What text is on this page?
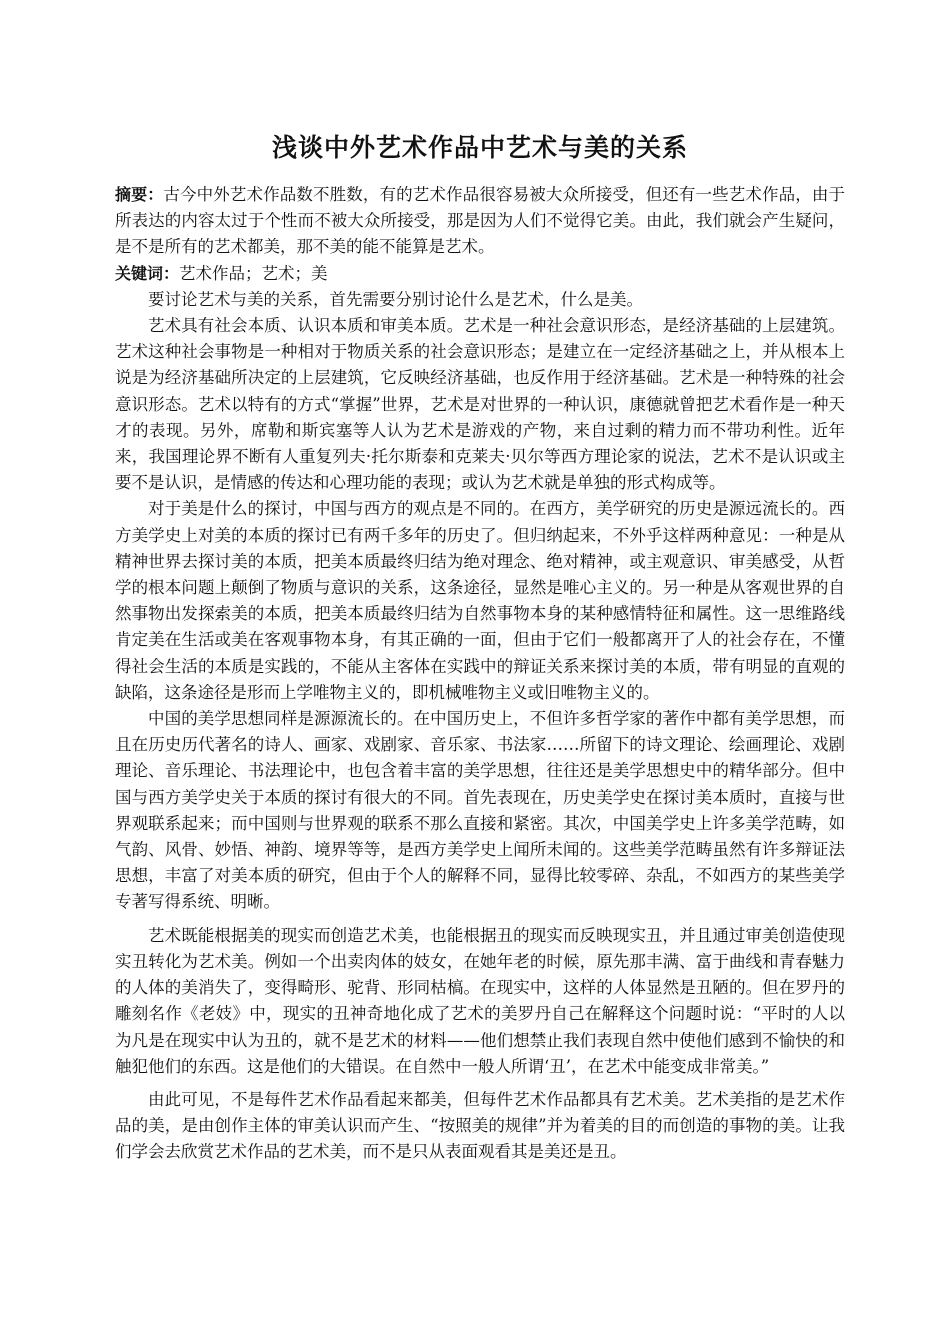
浅谈中外艺术作品中艺术与美的关系

摘要：古今中外艺术作品数不胜数，有的艺术作品很容易被大众所接受，但还有一些艺术作品，由于所表达的内容太过于个性而不被大众所接受，那是因为人们不觉得它美。由此，我们就会产生疑问，是不是所有的艺术都美，那不美的能不能算是艺术。

关键词：艺术作品；艺术；美

要讨论艺术与美的关系，首先需要分别讨论什么是艺术，什么是美。

艺术具有社会本质、认识本质和审美本质。艺术是一种社会意识形态，是经济基础的上层建筑。艺术这种社会事物是一种相对于物质关系的社会意识形态；是建立在一定经济基础之上，并从根本上说是为经济基础所决定的上层建筑，它反映经济基础，也反作用于经济基础。艺术是一种特殊的社会意识形态。艺术以特有的方式“掌握”世界，艺术是对世界的一种认识，康德就曾把艺术看作是一种天才的表现。另外，席勒和斯宾塞等人认为艺术是游戏的产物，来自过剩的精力而不带功利性。近年来，我国理论界不断有人重复列夫·托尔斯泰和克莱夫·贝尔等西方理论家的说法，艺术不是认识或主要不是认识，是情感的传达和心理功能的表现；或认为艺术就是单独的形式构成等。

对于美是什么的探讨，中国与西方的观点是不同的。在西方，美学研究的历史是源远流长的。西方美学史上对美的本质的探讨已有两千多年的历史了。但归纳起来，不外乎这样两种意见：一种是从精神世界去探讨美的本质，把美本质最终归结为绝对理念、绝对精神，或主观意识、审美感受，从哲学的根本问题上颠倒了物质与意识的关系，这条途径，显然是唯心主义的。另一种是从客观世界的自然事物出发探索美的本质，把美本质最终归结为自然事物本身的某种感情特征和属性。这一思维路线肯定美在生活或美在客观事物本身，有其正确的一面，但由于它们一般都离开了人的社会存在，不懂得社会生活的本质是实践的，不能从主客体在实践中的辩证关系来探讨美的本质，带有明显的直观的缺陷，这条途径是形而上学唯物主义的，即机械唯物主义或旧唯物主义的。

中国的美学思想同样是源源流长的。在中国历史上，不但许多哲学家的著作中都有美学思想，而且在历史历代著名的诗人、画家、戏剧家、音乐家、书法家……所留下的诗文理论、绘画理论、戏剧理论、音乐理论、书法理论中，也包含着丰富的美学思想，往往还是美学思想史中的精华部分。但中国与西方美学史关于本质的探讨有很大的不同。首先表现在，历史美学史在探讨美本质时，直接与世界观联系起来；而中国则与世界观的联系不那么直接和紧密。其次，中国美学史上许多美学范畴，如气韵、风骨、妙悟、神韵、境界等等，是西方美学史上闻所未闻的。这些美学范畴虽然有许多辩证法思想，丰富了对美本质的研究，但由于个人的解释不同，显得比较零碎、杂乱，不如西方的某些美学专著写得系统、明晰。

艺术既能根据美的现实而创造艺术美，也能根据丑的现实而反映现实丑，并且通过审美创造使现实丑转化为艺术美。例如一个出卖肉体的妓女，在她年老的时候，原先那丰满、富于曲线和青春魅力的人体的美消失了，变得畸形、驼背、形同枯槁。在现实中，这样的人体显然是丑陋的。但在罗丹的雕刻名作《老妓》中，现实的丑神奇地化成了艺术的美罗丹自己在解释这个问题时说：“平时的人以为凡是在现实中认为丑的，就不是艺术的材料——他们想禁止我们表现自然中使他们感到不愉快的和触犯他们的东西。这是他们的大错误。在自然中一般人所谓‘丑’，在艺术中能变成非常美。”

由此可见，不是每件艺术作品看起来都美，但每件艺术作品都具有艺术美。艺术美指的是艺术作品的美，是由创作主体的审美认识而产生、“按照美的规律”并为着美的目的而创造的事物的美。让我们学会去欣赏艺术作品的艺术美，而不是只从表面观看其是美还是丑。
